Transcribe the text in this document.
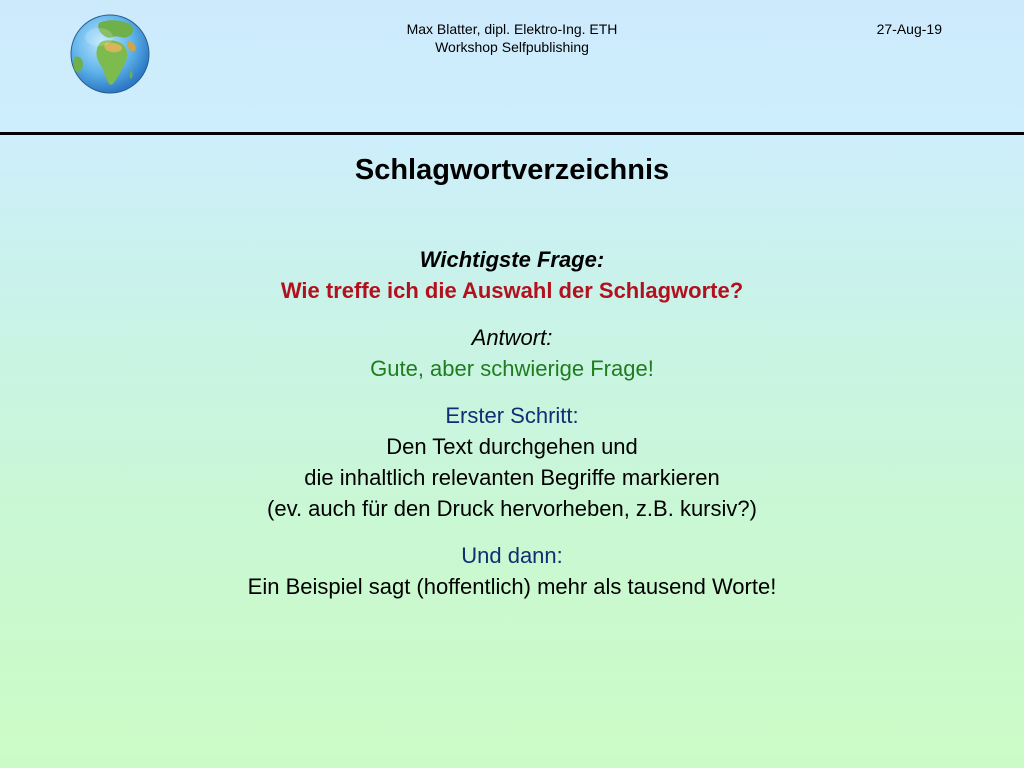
Max Blatter, dipl. Elektro-Ing. ETH
Workshop Selfpublishing
27-Aug-19
Schlagwortverzeichnis

Wichtigste Frage:

Wie treffe ich die Auswahl der Schlagworte?

Antwort:

Gute, aber schwierige Frage!

Erster Schritt:

Den Text durchgehen und

die inhaltlich relevanten Begriffe markieren

(ev. auch für den Druck hervorheben, z.B. kursiv?)

Und dann:

Ein Beispiel sagt (hoffentlich) mehr als tausend Worte!
